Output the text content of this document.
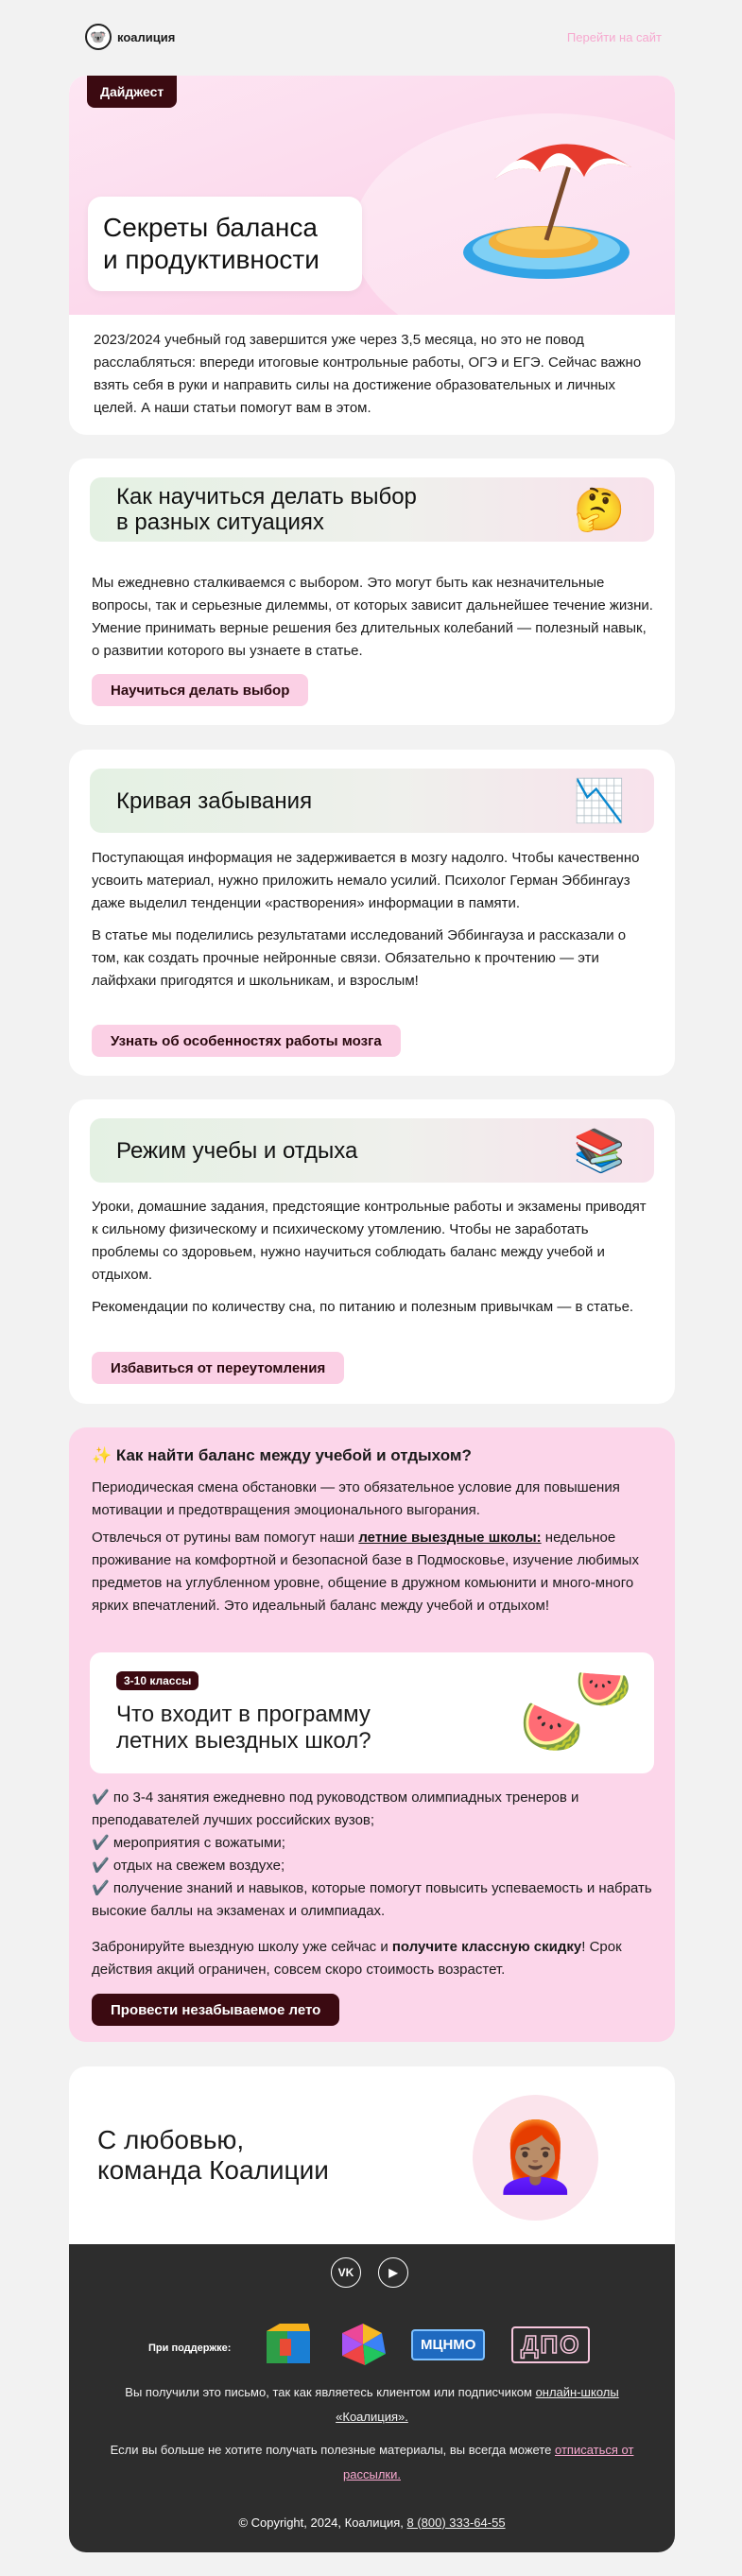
🐨 коалиция	Перейти на сайт
Дайджест
Секреты баланса
и продуктивности
2023/2024 учебный год завершится уже через 3,5 месяца, но это не повод расслабляться: впереди итоговые контрольные работы, ОГЭ и ЕГЭ. Сейчас важно взять себя в руки и направить силы на достижение образовательных и личных целей. А наши статьи помогут вам в этом.
Как научиться делать выбор
в разных ситуациях	🤔

Мы ежедневно сталкиваемся с выбором. Это могут быть как незначительные вопросы, так и серьезные дилеммы, от которых зависит дальнейшее течение жизни. Умение принимать верные решения без длительных колебаний — полезный навык, о развитии которого вы узнаете в статье.

Научиться делать выбор
Кривая забывания	📉

Поступающая информация не задерживается в мозгу надолго. Чтобы качественно усвоить материал, нужно приложить немало усилий. Психолог Герман Эббингауз даже выделил тенденции «растворения» информации в памяти.

В статье мы поделились результатами исследований Эббингауза и рассказали о том, как создать прочные нейронные связи. Обязательно к прочтению — эти лайфхаки пригодятся и школьникам, и взрослым!

Узнать об особенностях работы мозга
Режим учебы и отдыха	📚

Уроки, домашние задания, предстоящие контрольные работы и экзамены приводят к сильному физическому и психическому утомлению. Чтобы не заработать проблемы со здоровьем, нужно научиться соблюдать баланс между учебой и отдыхом.

Рекомендации по количеству сна, по питанию и полезным привычкам — в статье.

Избавиться от переутомления
✨ Как найти баланс между учебой и отдыхом?
Периодическая смена обстановки — это обязательное условие для повышения мотивации и предотвращения эмоционального выгорания.
Отвлечься от рутины вам помогут наши летние выездные школы: недельное проживание на комфортной и безопасной базе в Подмосковье, изучение любимых предметов на углубленном уровне, общение в дружном комьюнити и много-много ярких впечатлений. Это идеальный баланс между учебой и отдыхом!
3-10 классы
Что входит в программу
летних выездных школ?	🍉
🍉
✔️ по 3-4 занятия ежедневно под руководством олимпиадных тренеров и преподавателей лучших российских вузов;
✔️ мероприятия с вожатыми;
✔️ отдых на свежем воздухе;
✔️ получение знаний и навыков, которые помогут повысить успеваемость и набрать высокие баллы на экзаменах и олимпиадах.
Забронируйте выездную школу уже сейчас и получите классную скидку! Срок действия акций ограничен, совсем скоро стоимость возрастет.
Провести незабываемое лето
С любовью,
команда Коалиции	👩🏽‍🦰
VK	▶
При поддержке:	МЦНМО	ДПО
Вы получили это письмо, так как являетесь клиентом или подписчиком онлайн-школы «Коалиция».
Если вы больше не хотите получать полезные материалы, вы всегда можете отписаться от рассылки.
© Copyright, 2024, Коалиция, 8 (800) 333-64-55
